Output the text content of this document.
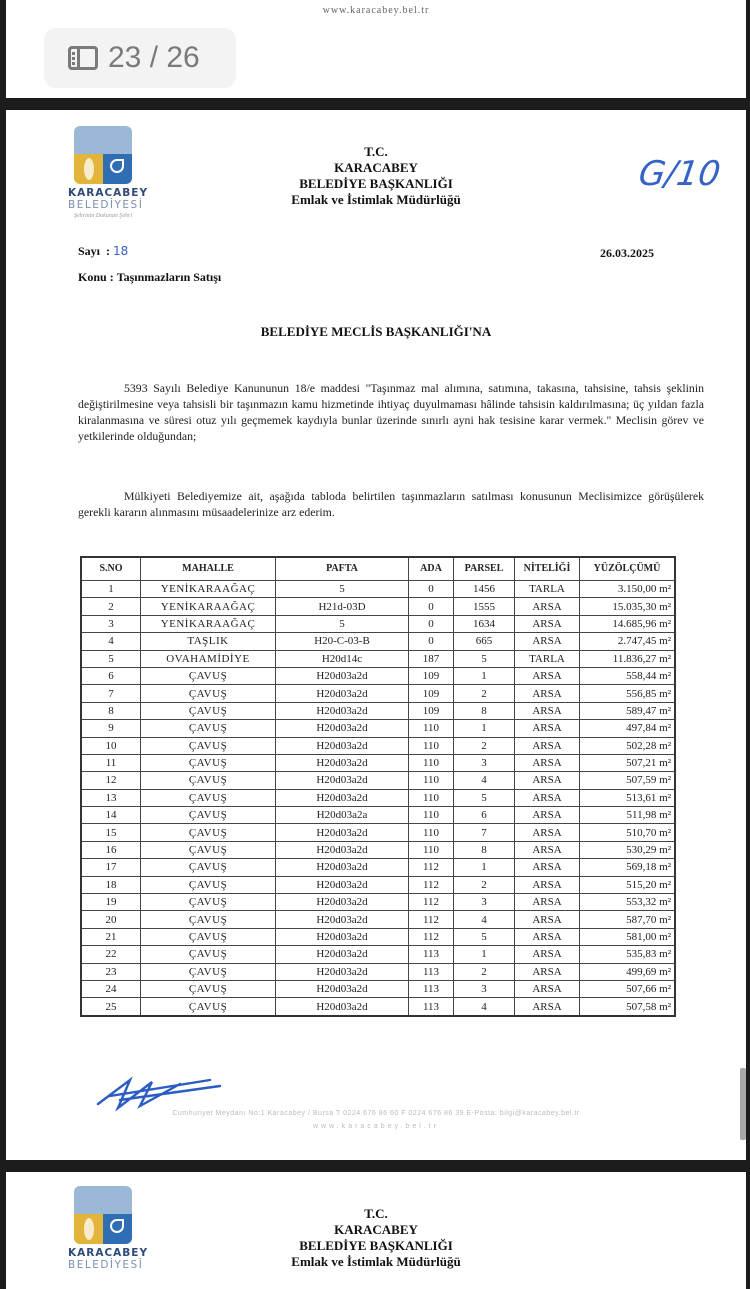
www.karacabey.bel.tr
23 / 26
KARACABEY
BELEDİYESİ
Şehrinin Dokunan Şehri
T.C.
KARACABEY
BELEDİYE BAŞKANLIĞI
Emlak ve İstimlak Müdürlüğü
G/10
Sayı  : 18	26.03.2025
Konu : Taşınmazların Satışı
BELEDİYE MECLİS BAŞKANLIĞI'NA
5393 Sayılı Belediye Kanununun 18/e maddesi "Taşınmaz mal alımına, satımına, takasına, tahsisine, tahsis şeklinin değiştirilmesine veya tahsisli bir taşınmazın kamu hizmetinde ihtiyaç duyulmaması hâlinde tahsisin kaldırılmasına; üç yıldan fazla kiralanmasına ve süresi otuz yılı geçmemek kaydıyla bunlar üzerinde sınırlı ayni hak tesisine karar vermek." Meclisin görev ve yetkilerinde olduğundan;
Mülkiyeti Belediyemize ait, aşağıda tabloda belirtilen taşınmazların satılması konusunun Meclisimizce görüşülerek gerekli kararın alınmasını müsaadelerinize arz ederim.
S.NO	MAHALLE	PAFTA	ADA	PARSEL	NİTELİĞİ	YÜZÖLÇÜMÜ
1	YENİKARAAĞAÇ	5	0	1456	TARLA	3.150,00 m²
2	YENİKARAAĞAÇ	H21d-03D	0	1555	ARSA	15.035,30 m²
3	YENİKARAAĞAÇ	5	0	1634	ARSA	14.685,96 m²
4	TAŞLIK	H20-C-03-B	0	665	ARSA	2.747,45 m²
5	OVAHAMİDİYE	H20d14c	187	5	TARLA	11.836,27 m²
6	ÇAVUŞ	H20d03a2d	109	1	ARSA	558,44 m²
7	ÇAVUŞ	H20d03a2d	109	2	ARSA	556,85 m²
8	ÇAVUŞ	H20d03a2d	109	8	ARSA	589,47 m²
9	ÇAVUŞ	H20d03a2d	110	1	ARSA	497,84 m²
10	ÇAVUŞ	H20d03a2d	110	2	ARSA	502,28 m²
11	ÇAVUŞ	H20d03a2d	110	3	ARSA	507,21 m²
12	ÇAVUŞ	H20d03a2d	110	4	ARSA	507,59 m²
13	ÇAVUŞ	H20d03a2d	110	5	ARSA	513,61 m²
14	ÇAVUŞ	H20d03a2a	110	6	ARSA	511,98 m²
15	ÇAVUŞ	H20d03a2d	110	7	ARSA	510,70 m²
16	ÇAVUŞ	H20d03a2d	110	8	ARSA	530,29 m²
17	ÇAVUŞ	H20d03a2d	112	1	ARSA	569,18 m²
18	ÇAVUŞ	H20d03a2d	112	2	ARSA	515,20 m²
19	ÇAVUŞ	H20d03a2d	112	3	ARSA	553,32 m²
20	ÇAVUŞ	H20d03a2d	112	4	ARSA	587,70 m²
21	ÇAVUŞ	H20d03a2d	112	5	ARSA	581,00 m²
22	ÇAVUŞ	H20d03a2d	113	1	ARSA	535,83 m²
23	ÇAVUŞ	H20d03a2d	113	2	ARSA	499,69 m²
24	ÇAVUŞ	H20d03a2d	113	3	ARSA	507,66 m²
25	ÇAVUŞ	H20d03a2d	113	4	ARSA	507,58 m²
Cumhuriyet Meydanı No:1 Karacabey / Bursa T 0224 676 86 60 F 0224 676 86 39 E-Posta: bilgi@karacabey.bel.tr
www.karacabey.bel.tr
KARACABEY
BELEDİYESİ
T.C.
KARACABEY
BELEDİYE BAŞKANLIĞI
Emlak ve İstimlak Müdürlüğü
